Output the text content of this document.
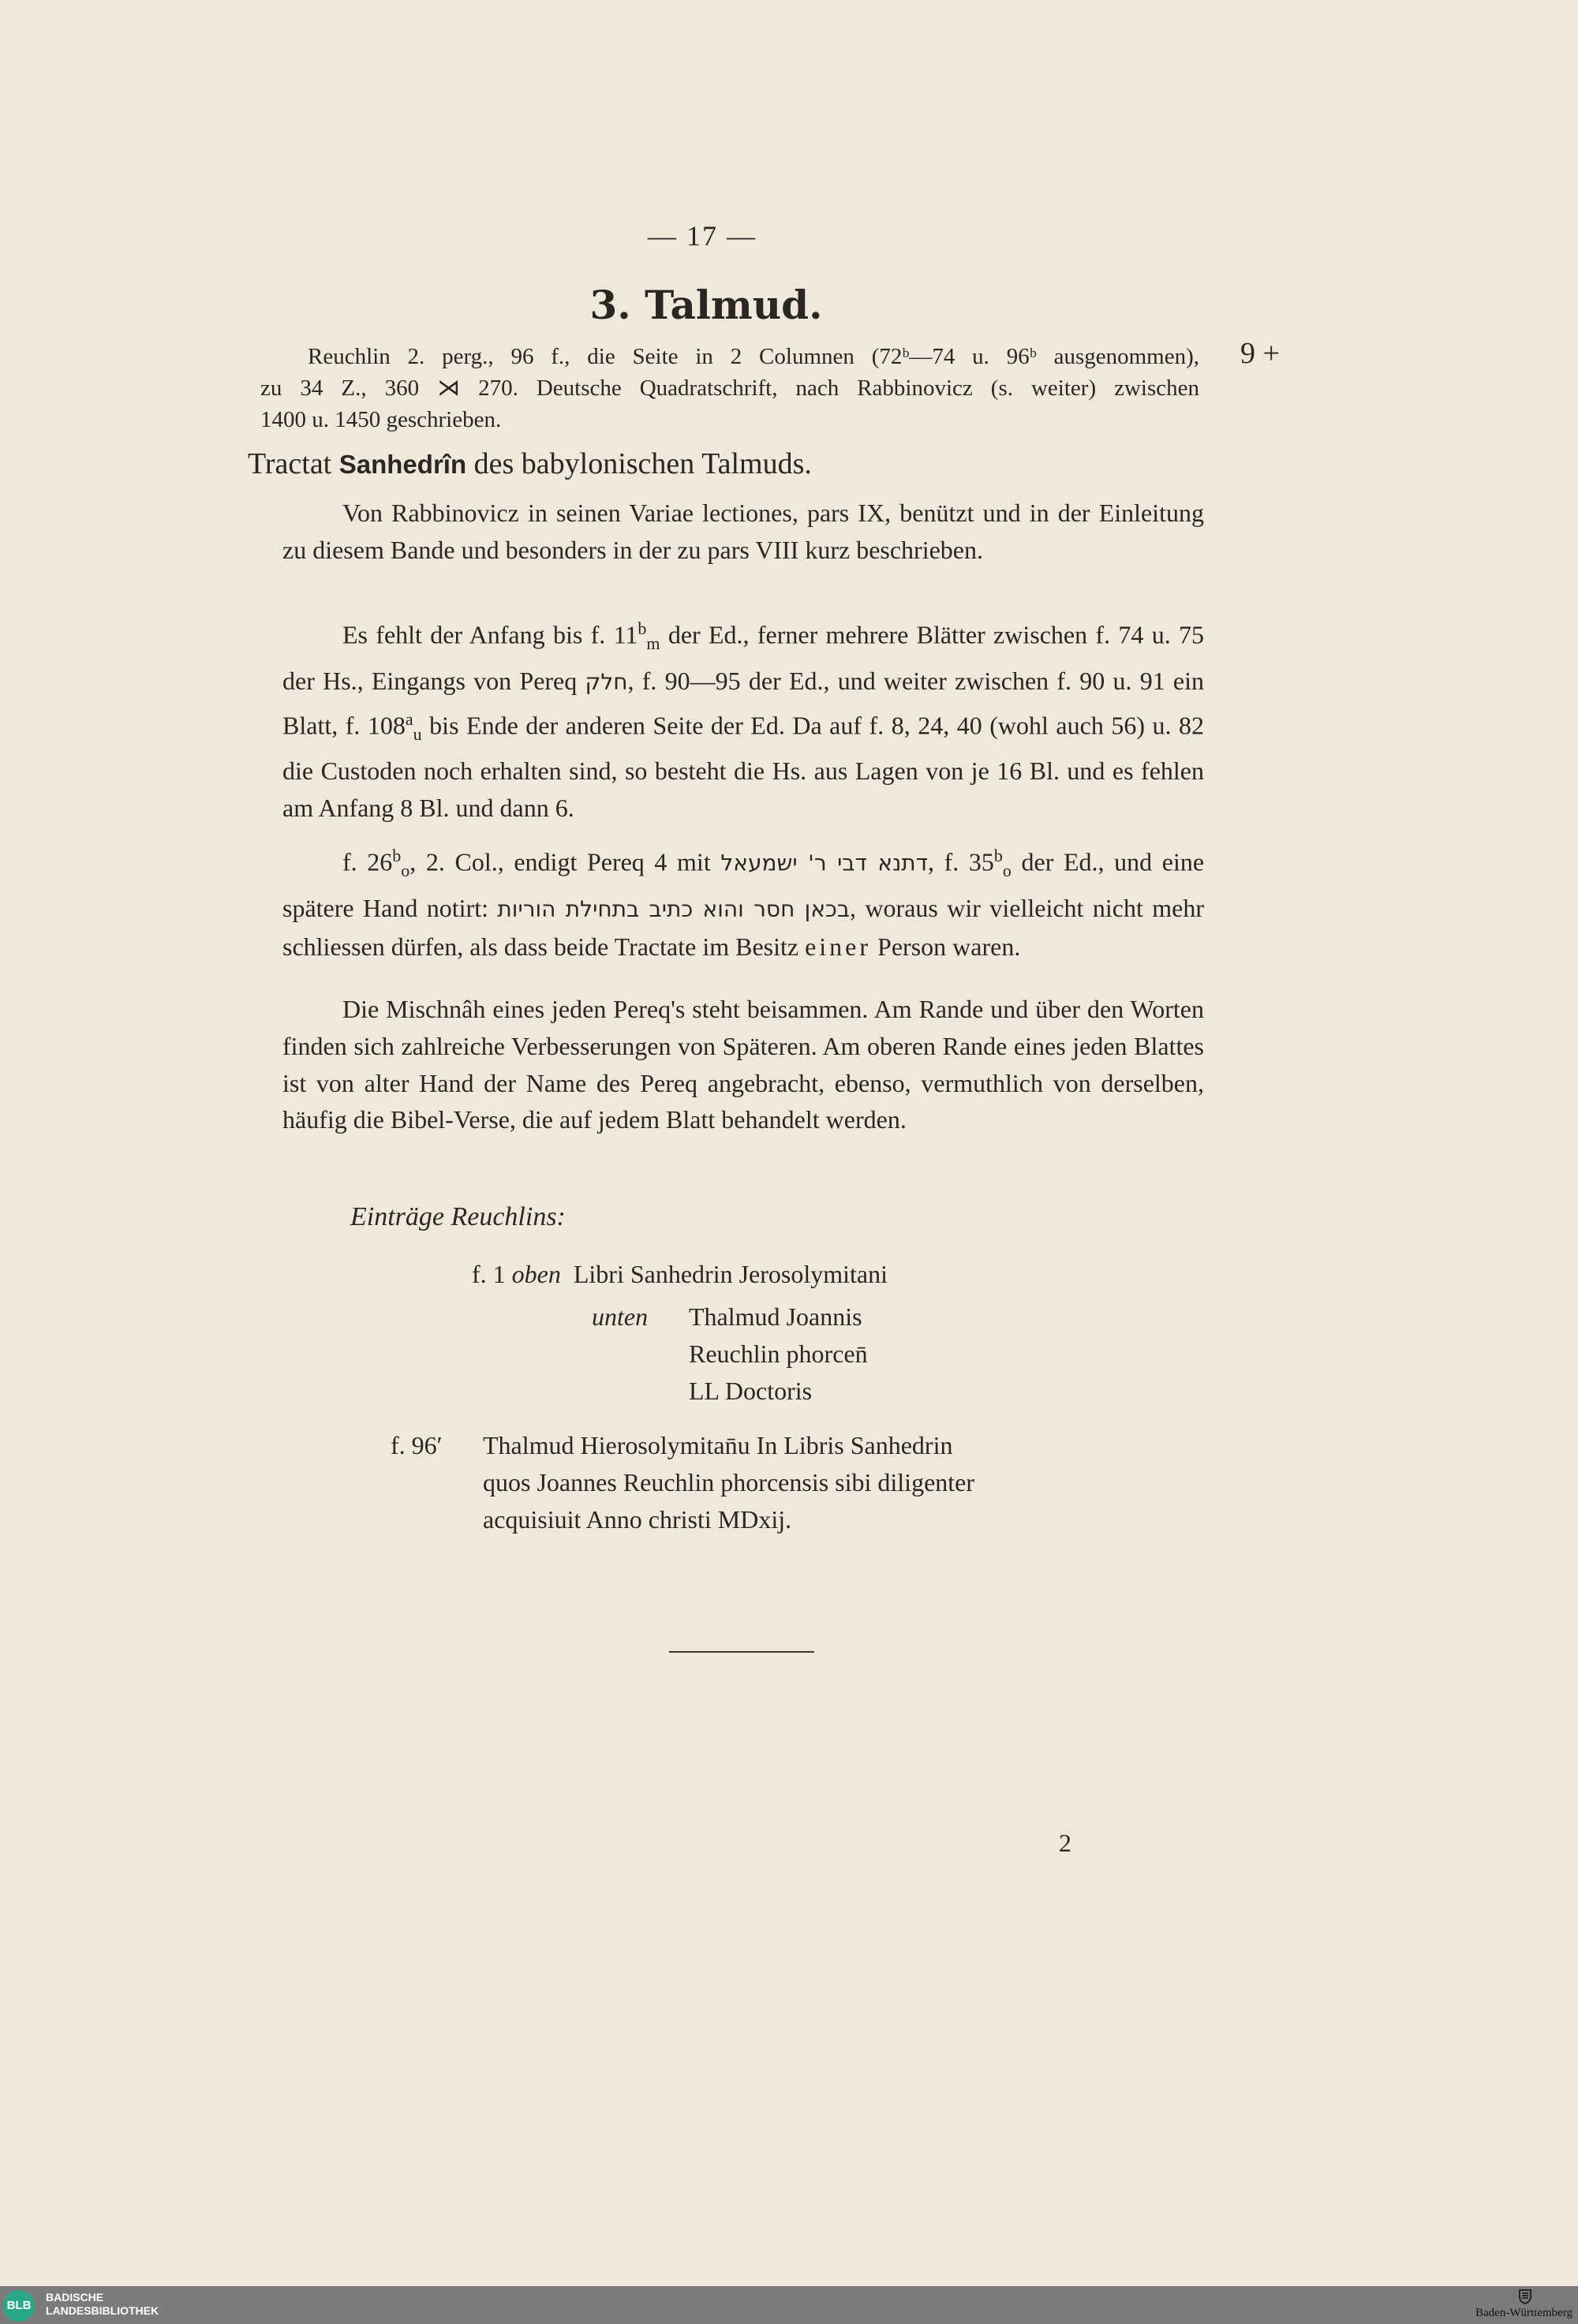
— 17 —
3. Talmud.
9 +
Reuchlin 2. perg., 96 f., die Seite in 2 Columnen (72ᵇ—74 u. 96ᵇ ausgenommen),
zu 34 Z., 360 ⋊ 270. Deutsche Quadratschrift, nach Rabbinovicz (s. weiter) zwischen
1400 u. 1450 geschrieben.
Tractat Sanhedrîn des babylonischen Talmuds.

Von Rabbinovicz in seinen Variae lectiones, pars IX, benützt und in der Einleitung zu diesem Bande und besonders in der zu pars VIII kurz beschrieben.

Es fehlt der Anfang bis f. $11^b_m$ der Ed., ferner mehrere Blätter zwischen f. 74 u. 75 der Hs., Eingangs von Pereq חלק, f. 90—95 der Ed., und weiter zwischen f. 90 u. 91 ein Blatt, f. $108^a_u$ bis Ende der anderen Seite der Ed. Da auf f. 8, 24, 40 (wohl auch 56) u. 82 die Custoden noch erhalten sind, so besteht die Hs. aus Lagen von je 16 Bl. und es fehlen am Anfang 8 Bl. und dann 6.

f. $26^b_o$, 2. Col., endigt Pereq 4 mit דתנא דבי ר' ישמעאל, f. $35^b_o$ der Ed., und eine spätere Hand notirt: בכאן חסר והוא כתיב בתחילת הוריות, woraus wir vielleicht nicht mehr schliessen dürfen, als dass beide Tractate im Besitz einer Person waren.

Die Mischnâh eines jeden Pereq's steht beisammen. Am Rande und über den Worten finden sich zahlreiche Verbesserungen von Späteren. Am oberen Rande eines jeden Blattes ist von alter Hand der Name des Pereq angebracht, ebenso, vermuthlich von derselben, häufig die Bibel-Verse, die auf jedem Blatt behandelt werden.

Einträge Reuchlins:
f. 1 oben Libri Sanhedrin Jerosolymitani
unten Thalmud Joannis
Reuchlin phorcen̄
LL Doctoris
f. 96′ Thalmud Hierosolymitan̄u In Libris Sanhedrin
quos Joannes Reuchlin phorcensis sibi diligenter
acquisiuit Anno christi MDxij.
2
BLB
BADISCHE
LANDESBIBLIOTHEK	Baden-Württemberg
